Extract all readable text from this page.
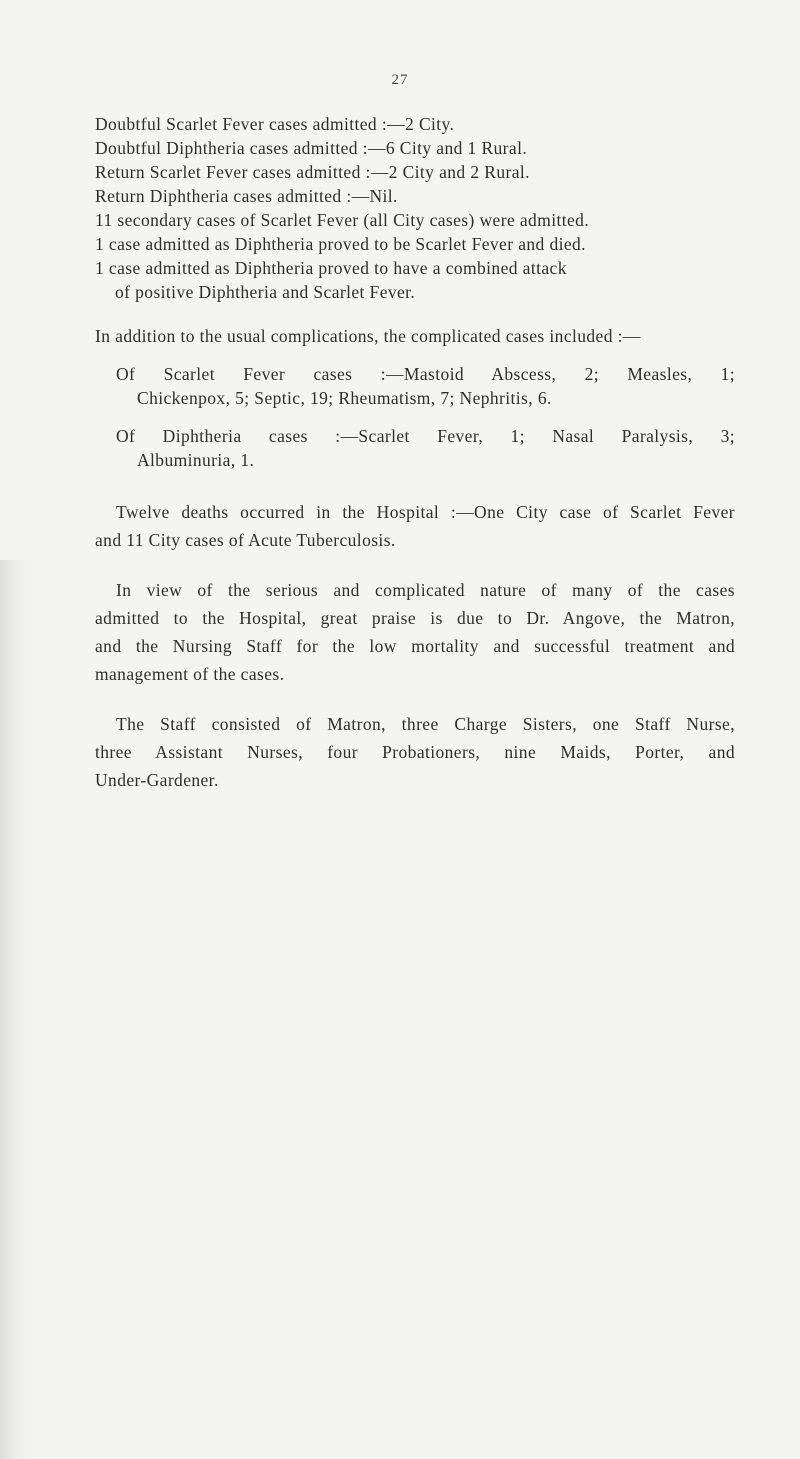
27
Doubtful Scarlet Fever cases admitted :—2 City.
Doubtful Diphtheria cases admitted :—6 City and 1 Rural.
Return Scarlet Fever cases admitted :—2 City and 2 Rural.
Return Diphtheria cases admitted :—Nil.
11 secondary cases of Scarlet Fever (all City cases) were admitted.
1 case admitted as Diphtheria proved to be Scarlet Fever and died.
1 case admitted as Diphtheria proved to have a combined attack
of positive Diphtheria and Scarlet Fever.
In addition to the usual complications, the complicated cases included :—
Of Scarlet Fever cases :—Mastoid Abscess, 2; Measles, 1;
Chickenpox, 5; Septic, 19; Rheumatism, 7; Nephritis, 6.
Of Diphtheria cases :—Scarlet Fever, 1; Nasal Paralysis, 3;
Albuminuria, 1.
Twelve deaths occurred in the Hospital :—One City case of Scarlet Fever
and 11 City cases of Acute Tuberculosis.
In view of the serious and complicated nature of many of the cases
admitted to the Hospital, great praise is due to Dr. Angove, the Matron,
and the Nursing Staff for the low mortality and successful treatment and
management of the cases.
The Staff consisted of Matron, three Charge Sisters, one Staff Nurse,
three Assistant Nurses, four Probationers, nine Maids, Porter, and
Under-Gardener.
